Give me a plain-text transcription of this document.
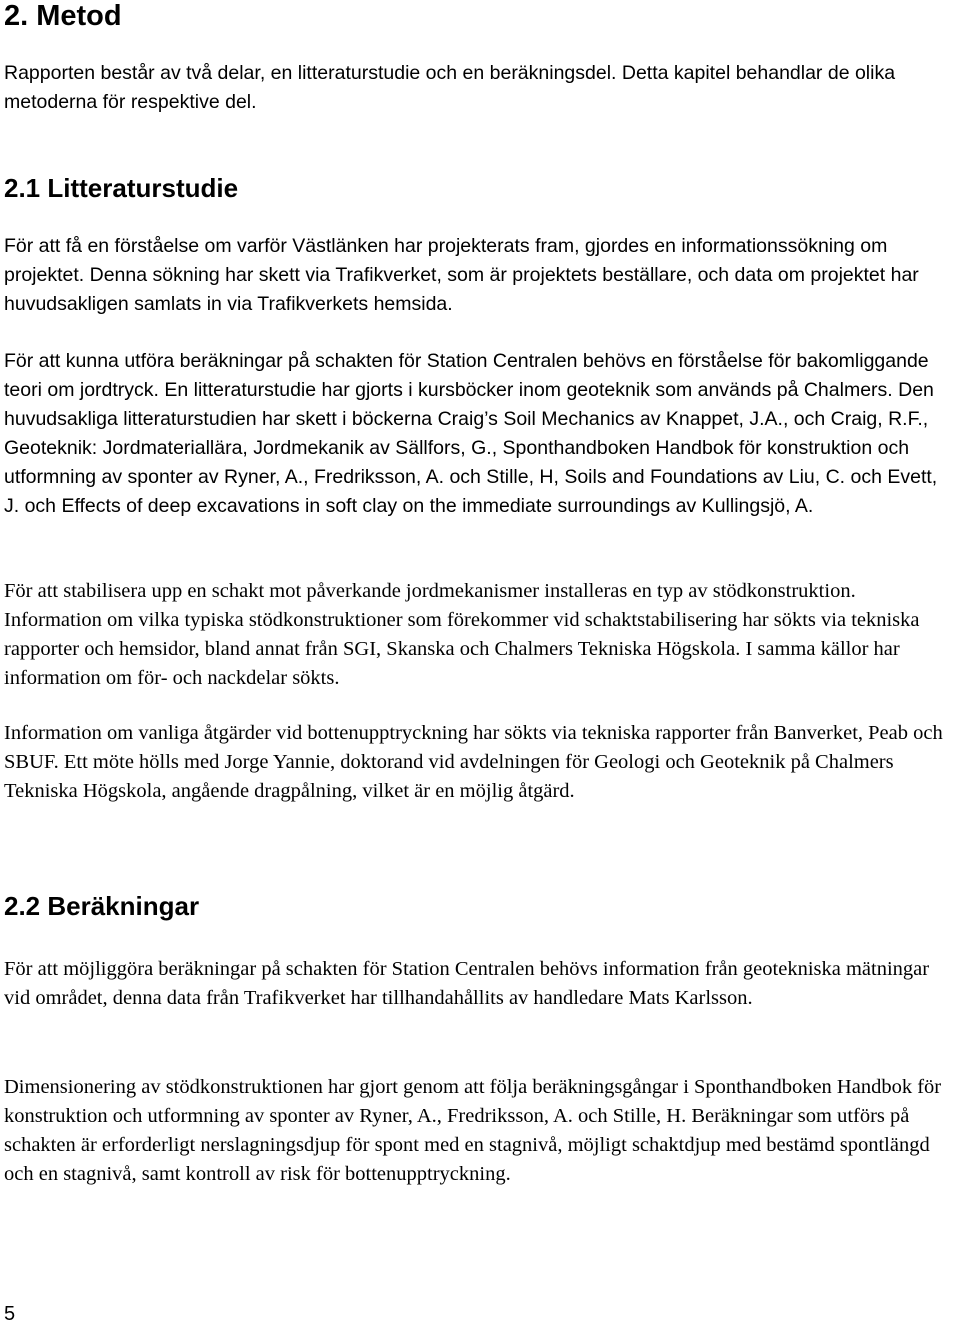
2. Metod

Rapporten består av två delar, en litteraturstudie och en beräkningsdel. Detta kapitel behandlar de olika metoderna för respektive del.

2.1 Litteraturstudie

För att få en förståelse om varför Västlänken har projekterats fram, gjordes en informationssökning om projektet. Denna sökning har skett via Trafikverket, som är projektets beställare, och data om projektet har huvudsakligen samlats in via Trafikverkets hemsida.

För att kunna utföra beräkningar på schakten för Station Centralen behövs en förståelse för bakomliggande teori om jordtryck. En litteraturstudie har gjorts i kursböcker inom geoteknik som används på Chalmers. Den huvudsakliga litteraturstudien har skett i böckerna Craig’s Soil Mechanics av Knappet, J.A., och Craig, R.F., Geoteknik: Jordmateriallära, Jordmekanik av Sällfors, G., Sponthandboken Handbok för konstruktion och utformning av sponter av Ryner, A., Fredriksson, A. och Stille, H, Soils and Foundations av Liu, C. och Evett, J. och Effects of deep excavations in soft clay on the immediate surroundings av Kullingsjö, A.

För att stabilisera upp en schakt mot påverkande jordmekanismer installeras en typ av stödkonstruktion. Information om vilka typiska stödkonstruktioner som förekommer vid schaktstabilisering har sökts via tekniska rapporter och hemsidor, bland annat från SGI, Skanska och Chalmers Tekniska Högskola. I samma källor har information om för- och nackdelar sökts.

Information om vanliga åtgärder vid bottenupptryckning har sökts via tekniska rapporter från Banverket, Peab och SBUF. Ett möte hölls med Jorge Yannie, doktorand vid avdelningen för Geologi och Geoteknik på Chalmers Tekniska Högskola, angående dragpålning, vilket är en möjlig åtgärd.

2.2 Beräkningar

För att möjliggöra beräkningar på schakten för Station Centralen behövs information från geotekniska mätningar vid området, denna data från Trafikverket har tillhandahållits av handledare Mats Karlsson.

Dimensionering av stödkonstruktionen har gjort genom att följa beräkningsgångar i Sponthandboken Handbok för konstruktion och utformning av sponter av Ryner, A., Fredriksson, A. och Stille, H. Beräkningar som utförs på schakten är erforderligt nerslagningsdjup för spont med en stagnivå, möjligt schaktdjup med bestämd spontlängd och en stagnivå, samt kontroll av risk för bottenupptryckning.

5
